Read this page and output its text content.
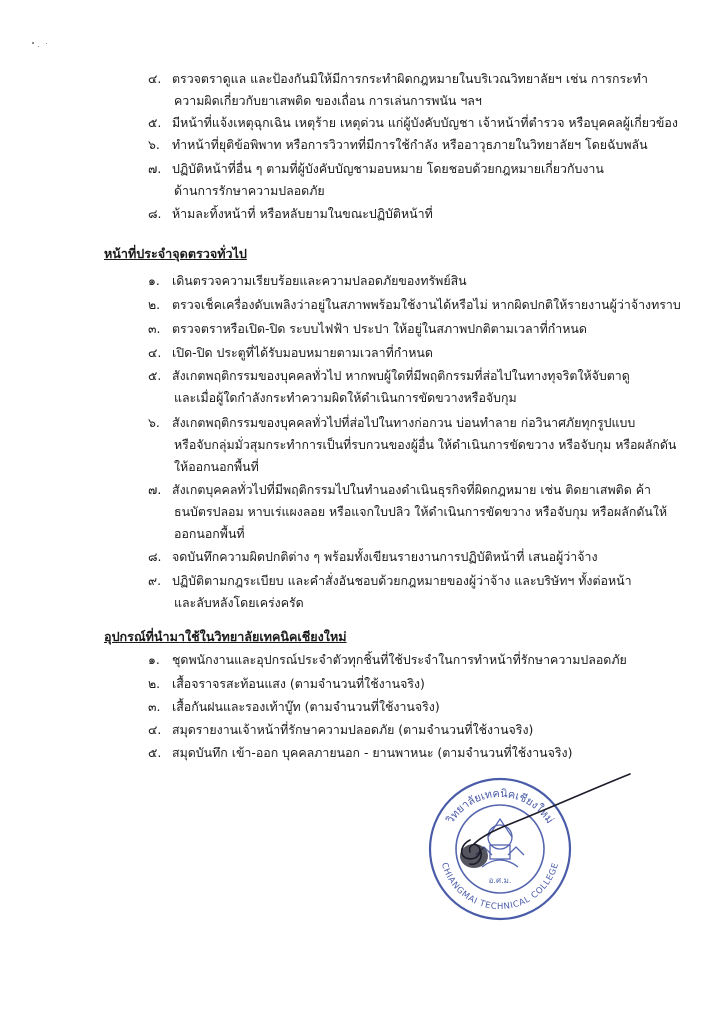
๔. ตรวจตราดูแล และป้องกันมิให้มีการกระทำผิดกฎหมายในบริเวณวิทยาลัยฯ เช่น การกระทำ
ความผิดเกี่ยวกับยาเสพติด ของเถื่อน การเล่นการพนัน ฯลฯ
๕. มีหน้าที่แจ้งเหตุฉุกเฉิน เหตุร้าย เหตุด่วน แก่ผู้บังคับบัญชา เจ้าหน้าที่ตำรวจ หรือบุคคลผู้เกี่ยวข้อง
๖. ทำหน้าที่ยุติข้อพิพาท หรือการวิวาทที่มีการใช้กำลัง หรืออาวุธภายในวิทยาลัยฯ โดยฉับพลัน
๗. ปฏิบัติหน้าที่อื่น ๆ ตามที่ผู้บังคับบัญชามอบหมาย โดยชอบด้วยกฎหมายเกี่ยวกับงาน
ด้านการรักษาความปลอดภัย
๘. ห้ามละทิ้งหน้าที่ หรือหลับยามในขณะปฏิบัติหน้าที่
หน้าที่ประจำจุดตรวจทั่วไป
๑. เดินตรวจความเรียบร้อยและความปลอดภัยของทรัพย์สิน
๒. ตรวจเช็คเครื่องดับเพลิงว่าอยู่ในสภาพพร้อมใช้งานได้หรือไม่ หากผิดปกติให้รายงานผู้ว่าจ้างทราบ
๓. ตรวจตราหรือเปิด-ปิด ระบบไฟฟ้า ประปา ให้อยู่ในสภาพปกติตามเวลาที่กำหนด
๔. เปิด-ปิด ประตูที่ได้รับมอบหมายตามเวลาที่กำหนด
๕. สังเกตพฤติกรรมของบุคคลทั่วไป หากพบผู้ใดที่มีพฤติกรรมที่ส่อไปในทางทุจริตให้จับตาดู
และเมื่อผู้ใดกำลังกระทำความผิดให้ดำเนินการขัดขวางหรือจับกุม
๖. สังเกตพฤติกรรมของบุคคลทั่วไปที่ส่อไปในทางก่อกวน บ่อนทำลาย ก่อวินาศภัยทุกรูปแบบ
หรือจับกลุ่มมั่วสุมกระทำการเป็นที่รบกวนของผู้อื่น ให้ดำเนินการขัดขวาง หรือจับกุม หรือผลักดัน
ให้ออกนอกพื้นที่
๗. สังเกตบุคคลทั่วไปที่มีพฤติกรรมไปในทำนองดำเนินธุรกิจที่ผิดกฎหมาย เช่น ติดยาเสพติด ค้า
ธนบัตรปลอม หาบเร่แผงลอย หรือแจกใบปลิว ให้ดำเนินการขัดขวาง หรือจับกุม หรือผลักดันให้
ออกนอกพื้นที่
๘. จดบันทึกความผิดปกติต่าง ๆ พร้อมทั้งเขียนรายงานการปฏิบัติหน้าที่ เสนอผู้ว่าจ้าง
๙. ปฏิบัติตามกฎระเบียบ และคำสั่งอันชอบด้วยกฎหมายของผู้ว่าจ้าง และบริษัทฯ ทั้งต่อหน้า
และลับหลังโดยเคร่งครัด
อุปกรณ์ที่นำมาใช้ในวิทยาลัยเทคนิคเชียงใหม่
๑. ชุดพนักงานและอุปกรณ์ประจำตัวทุกชิ้นที่ใช้ประจำในการทำหน้าที่รักษาความปลอดภัย
๒. เสื้อจราจรสะท้อนแสง (ตามจำนวนที่ใช้งานจริง)
๓. เสื้อกันฝนและรองเท้าบู๊ท (ตามจำนวนที่ใช้งานจริง)
๔. สมุดรายงานเจ้าหน้าที่รักษาความปลอดภัย (ตามจำนวนที่ใช้งานจริง)
๕. สมุดบันทึก เข้า-ออก บุคคลภายนอก - ยานพาหนะ (ตามจำนวนที่ใช้งานจริง)
วิทยาลัยเทคนิคเชียงใหม่
CHIANGMAI TECHNICAL COLLEGE
อ.ศ.ม.
